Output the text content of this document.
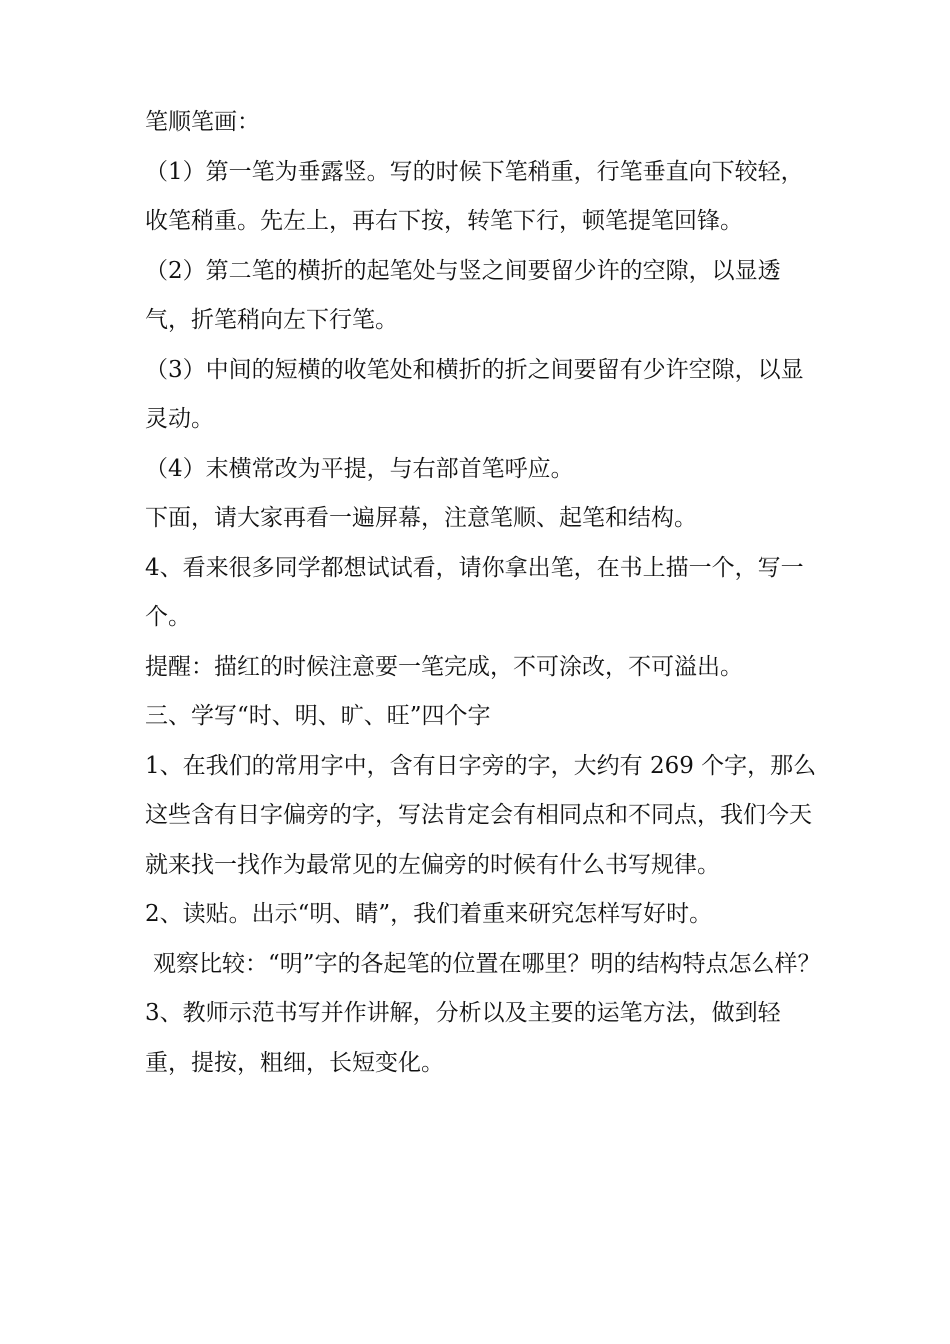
笔顺笔画：

（1）第一笔为垂露竖。写的时候下笔稍重，行笔垂直向下较轻，收笔稍重。先左上，再右下按，转笔下行，顿笔提笔回锋。

（2）第二笔的横折的起笔处与竖之间要留少许的空隙，以显透气，折笔稍向左下行笔。

（3）中间的短横的收笔处和横折的折之间要留有少许空隙，以显灵动。

（4）末横常改为平提，与右部首笔呼应。

下面，请大家再看一遍屏幕，注意笔顺、起笔和结构。

4、看来很多同学都想试试看，请你拿出笔，在书上描一个，写一个。

提醒：描红的时候注意要一笔完成，不可涂改，不可溢出。

三、学写“时、明、旷、旺”四个字

1、在我们的常用字中，含有日字旁的字，大约有 269 个字，那么这些含有日字偏旁的字，写法肯定会有相同点和不同点，我们今天就来找一找作为最常见的左偏旁的时候有什么书写规律。

2、读贴。出示“明、睛”，我们着重来研究怎样写好时。

观察比较：“明”字的各起笔的位置在哪里？明的结构特点怎么样？

3、教师示范书写并作讲解，分析以及主要的运笔方法，做到轻重，提按，粗细，长短变化。
